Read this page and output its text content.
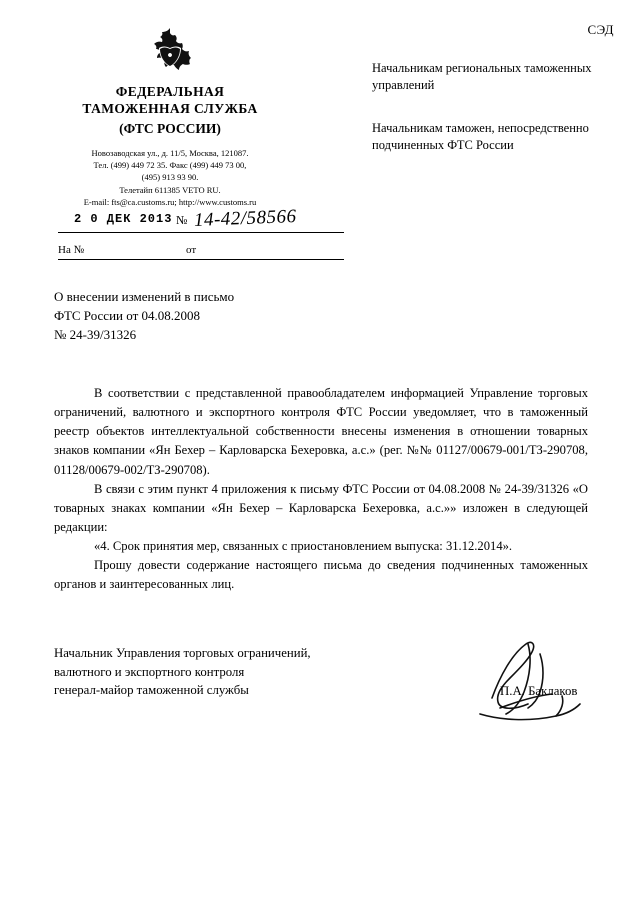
СЭД
ФЕДЕРАЛЬНАЯ
ТАМОЖЕННАЯ СЛУЖБА
(ФТС РОССИИ)
Новозаводская ул., д. 11/5, Москва, 121087.
Тел. (499) 449 72 35. Факс (499) 449 73 00,
(495) 913 93 90.
Телетайп 611385 VETO RU.
E-mail: fts@ca.customs.ru; http://www.customs.ru
Начальникам региональных таможенных управлений
Начальникам таможен, непосредственно подчиненных ФТС России
2 0 ДЕК 2013 № 14-42/58566
На №	от
О внесении изменений в письмо
ФТС России от 04.08.2008
№ 24-39/31326

В соответствии с представленной правообладателем информацией Управление торговых ограничений, валютного и экспортного контроля ФТС России уведомляет, что в таможенный реестр объектов интеллектуальной собственности внесены изменения в отношении товарных знаков компании «Ян Бехер – Карловарска Бехеровка, а.с.» (рег. №№ 01127/00679-001/ТЗ-290708, 01128/00679-002/ТЗ-290708).

В связи с этим пункт 4 приложения к письму ФТС России от 04.08.2008 № 24-39/31326 «О товарных знаках компании «Ян Бехер – Карловарска Бехеровка, а.с.»» изложен в следующей редакции:

«4. Срок принятия мер, связанных с приостановлением выпуска: 31.12.2014».

Прошу довести содержание настоящего письма до сведения подчиненных таможенных органов и заинтересованных лиц.

Начальник Управления торговых ограничений,
валютного и экспортного контроля
генерал-майор таможенной службы	П.А. Баклаков
